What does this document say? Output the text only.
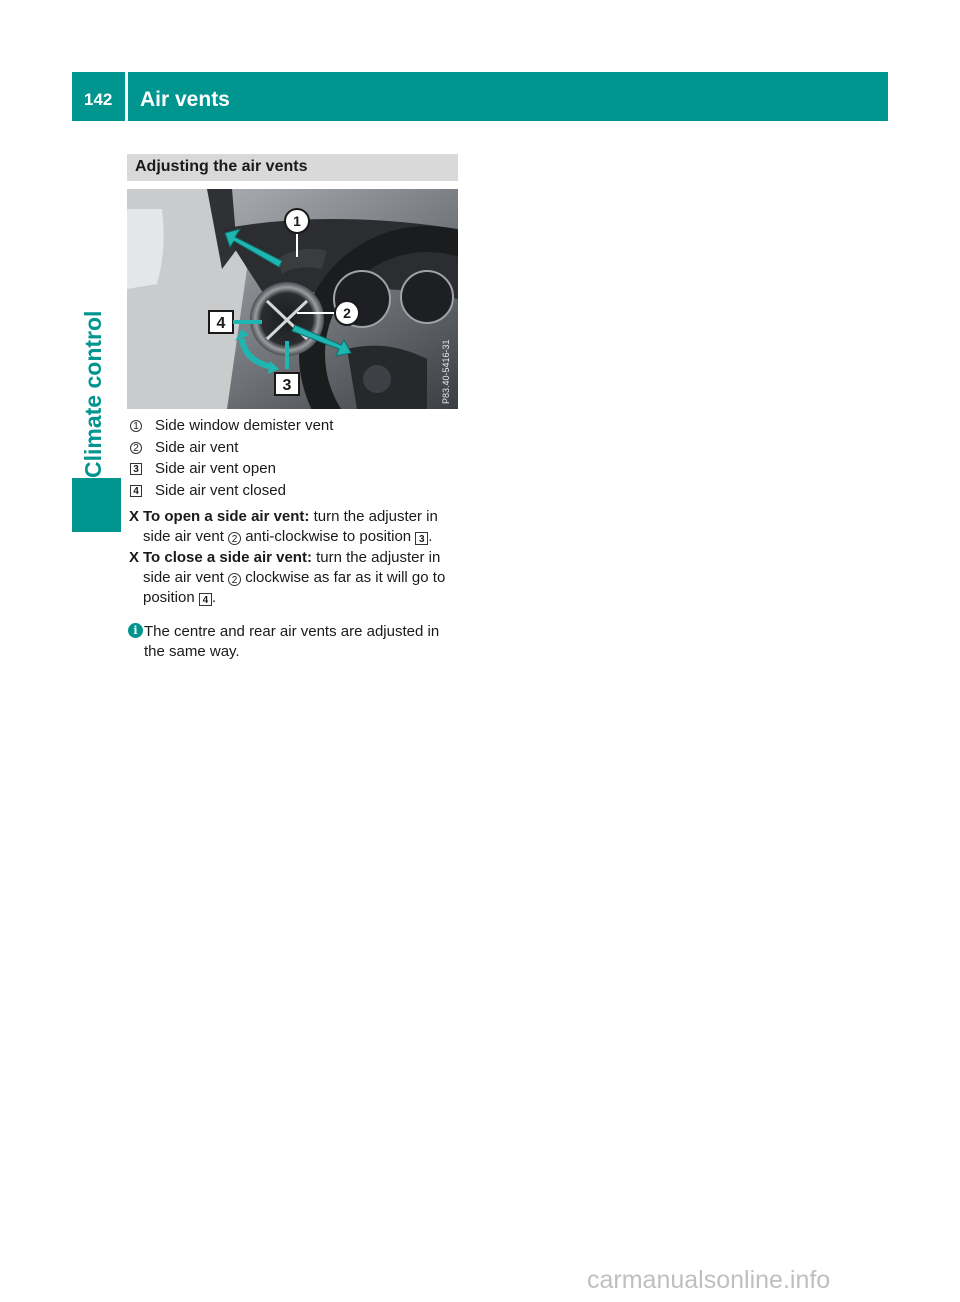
142 Air vents
Climate control
Adjusting the air vents
1
2
4
3	P83.40-5416-31
1 Side window demister vent
2 Side air vent
3 Side air vent open
4 Side air vent closed
X To open a side air vent: turn the adjuster in side air vent 2 anti-clockwise to position 3 .
X To close a side air vent: turn the adjuster in side air vent 2 clockwise as far as it will go to position 4 .
i The centre and rear air vents are adjusted in the same way.
carmanualsonline.info
